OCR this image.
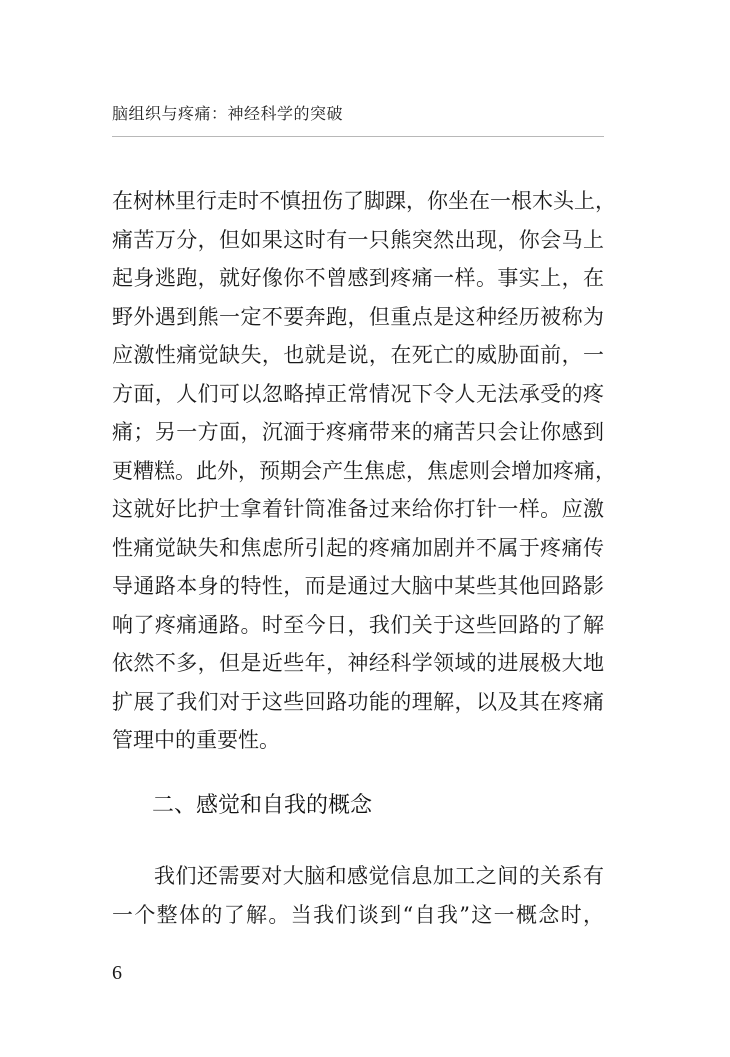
脑组织与疼痛：神经科学的突破
在树林里行走时不慎扭伤了脚踝，你坐在一根木头上，
痛苦万分，但如果这时有一只熊突然出现，你会马上
起身逃跑，就好像你不曾感到疼痛一样。事实上，在
野外遇到熊一定不要奔跑，但重点是这种经历被称为
应激性痛觉缺失，也就是说，在死亡的威胁面前，一
方面，人们可以忽略掉正常情况下令人无法承受的疼
痛；另一方面，沉湎于疼痛带来的痛苦只会让你感到
更糟糕。此外，预期会产生焦虑，焦虑则会增加疼痛，
这就好比护士拿着针筒准备过来给你打针一样。应激
性痛觉缺失和焦虑所引起的疼痛加剧并不属于疼痛传
导通路本身的特性，而是通过大脑中某些其他回路影
响了疼痛通路。时至今日，我们关于这些回路的了解
依然不多，但是近些年，神经科学领域的进展极大地
扩展了我们对于这些回路功能的理解，以及其在疼痛
管理中的重要性。
二、感觉和自我的概念
我们还需要对大脑和感觉信息加工之间的关系有
一个整体的了解。当我们谈到“自我”这一概念时，
6
